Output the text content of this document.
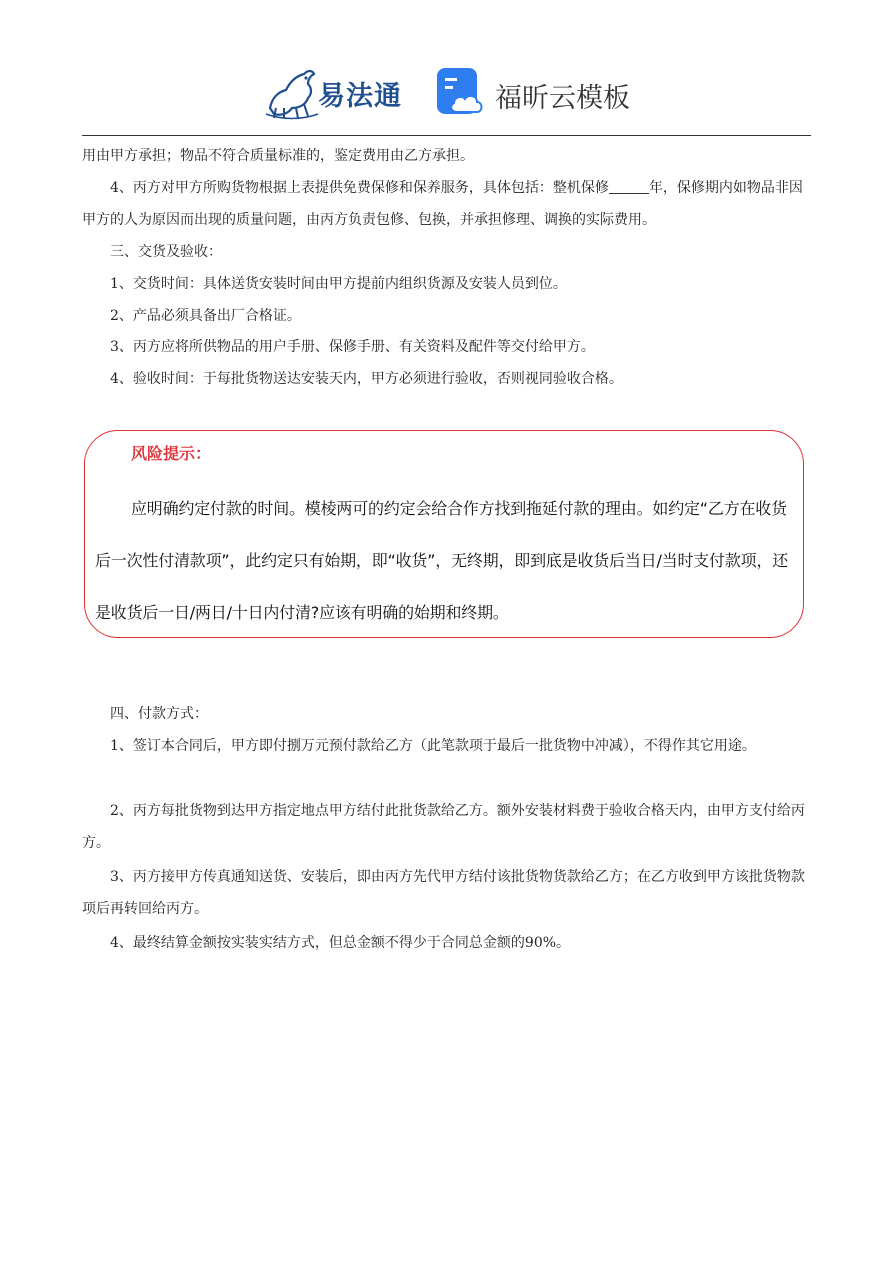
易法通	福昕云模板

用由甲方承担；物品不符合质量标准的，鉴定费用由乙方承担。

4、丙方对甲方所购货物根据上表提供免费保修和保养服务，具体包括：整机保修	年，保修期内如物品非因甲方的人为原因而出现的质量问题，由丙方负责包修、包换，并承担修理、调换的实际费用。

三、交货及验收：

1、交货时间：具体送货安装时间由甲方提前内组织货源及安装人员到位。

2、产品必须具备出厂合格证。

3、丙方应将所供物品的用户手册、保修手册、有关资料及配件等交付给甲方。

4、验收时间：于每批货物送达安装天内，甲方必须进行验收，否则视同验收合格。

风险提示：

应明确约定付款的时间。模棱两可的约定会给合作方找到拖延付款的理由。如约定“乙方在收货后一次性付清款项”，此约定只有始期，即“收货”，无终期，即到底是收货后当日/当时支付款项，还是收货后一日/两日/十日内付清?应该有明确的始期和终期。

四、付款方式：

1、签订本合同后，甲方即付捌万元预付款给乙方（此笔款项于最后一批货物中冲减），不得作其它用途。

2、丙方每批货物到达甲方指定地点甲方结付此批货款给乙方。额外安装材料费于验收合格天内，由甲方支付给丙方。

3、丙方接甲方传真通知送货、安装后，即由丙方先代甲方结付该批货物货款给乙方；在乙方收到甲方该批货物款项后再转回给丙方。

4、最终结算金额按实装实结方式，但总金额不得少于合同总金额的90%。
